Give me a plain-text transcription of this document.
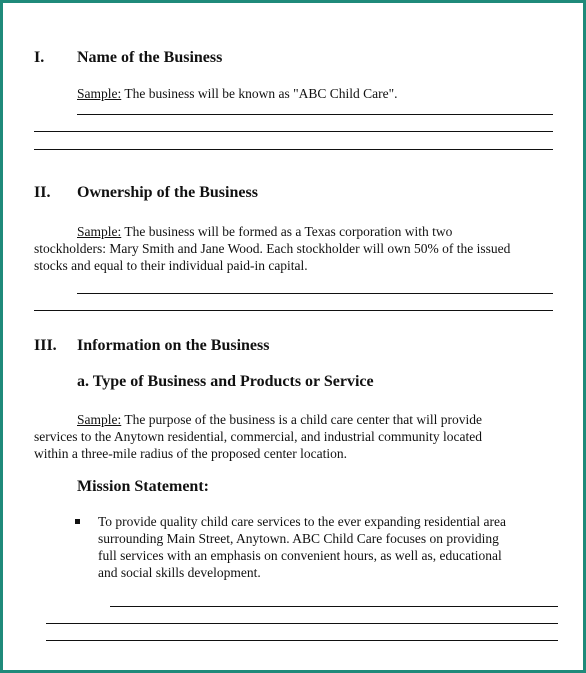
I. Name of the Business
Sample: The business will be known as "ABC Child Care".
II. Ownership of the Business
Sample: The business will be formed as a Texas corporation with two
stockholders: Mary Smith and Jane Wood. Each stockholder will own 50% of the issued
stocks and equal to their individual paid-in capital.
III. Information on the Business
a. Type of Business and Products or Service
Sample: The purpose of the business is a child care center that will provide
services to the Anytown residential, commercial, and industrial community located
within a three-mile radius of the proposed center location.
Mission Statement:
To provide quality child care services to the ever expanding residential area
surrounding Main Street, Anytown. ABC Child Care focuses on providing
full services with an emphasis on convenient hours, as well as, educational
and social skills development.
